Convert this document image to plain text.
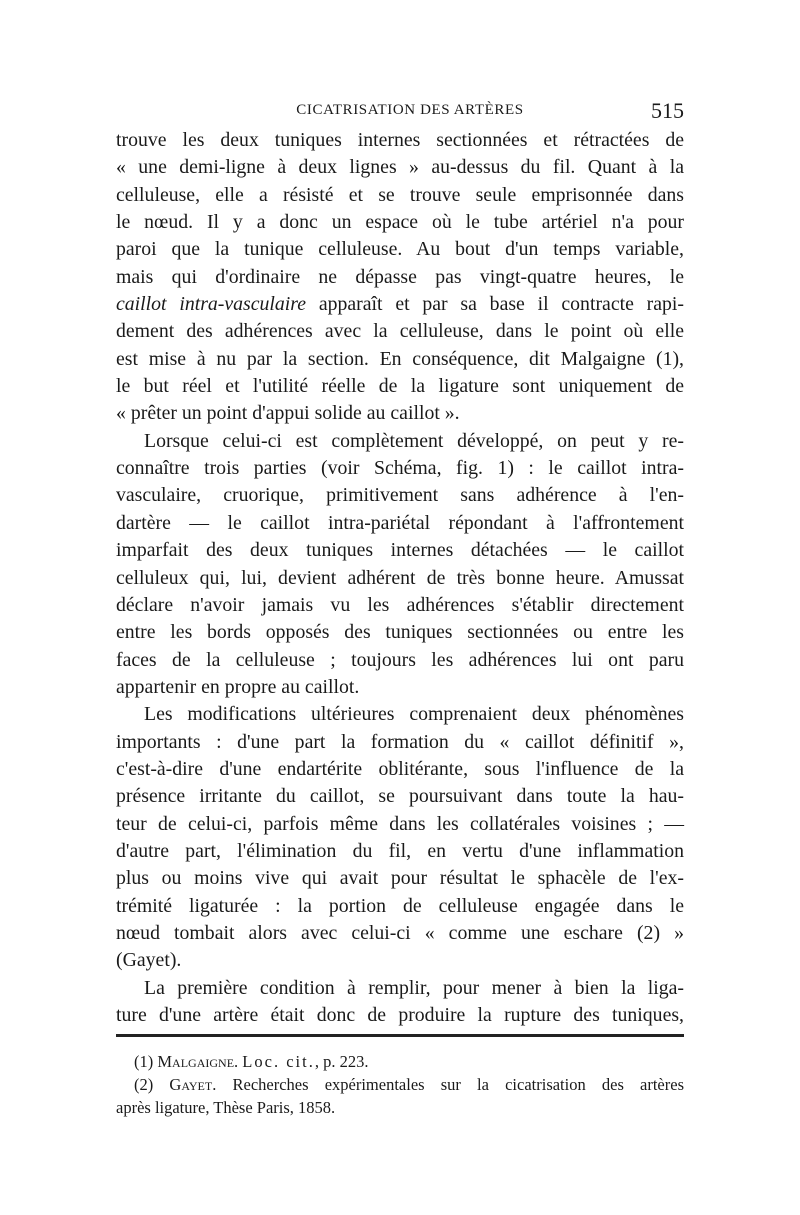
CICATRISATION DES ARTÈRES	515

trouve les deux tuniques internes sectionnées et rétractées de
« une demi-ligne à deux lignes » au-dessus du fil. Quant à la
celluleuse, elle a résisté et se trouve seule emprisonnée dans
le nœud. Il y a donc un espace où le tube artériel n'a pour
paroi que la tunique celluleuse. Au bout d'un temps variable,
mais qui d'ordinaire ne dépasse pas vingt-quatre heures, le
caillot intra-vasculaire apparaît et par sa base il contracte rapi-
dement des adhérences avec la celluleuse, dans le point où elle
est mise à nu par la section. En conséquence, dit Malgaigne (1),
le but réel et l'utilité réelle de la ligature sont uniquement de
« prêter un point d'appui solide au caillot ».

Lorsque celui-ci est complètement développé, on peut y re-
connaître trois parties (voir Schéma, fig. 1) : le caillot intra-
vasculaire, cruorique, primitivement sans adhérence à l'en-
dartère — le caillot intra-pariétal répondant à l'affrontement
imparfait des deux tuniques internes détachées — le caillot
celluleux qui, lui, devient adhérent de très bonne heure. Amussat
déclare n'avoir jamais vu les adhérences s'établir directement
entre les bords opposés des tuniques sectionnées ou entre les
faces de la celluleuse ; toujours les adhérences lui ont paru
appartenir en propre au caillot.

Les modifications ultérieures comprenaient deux phénomènes
importants : d'une part la formation du « caillot définitif »,
c'est-à-dire d'une endartérite oblitérante, sous l'influence de la
présence irritante du caillot, se poursuivant dans toute la hau-
teur de celui-ci, parfois même dans les collatérales voisines ; —
d'autre part, l'élimination du fil, en vertu d'une inflammation
plus ou moins vive qui avait pour résultat le sphacèle de l'ex-
trémité ligaturée : la portion de celluleuse engagée dans le
nœud tombait alors avec celui-ci « comme une eschare (2) »
(Gayet).

La première condition à remplir, pour mener à bien la liga-
ture d'une artère était donc de produire la rupture des tuniques,

(1) Malgaigne. Loc. cit., p. 223.
(2) Gayet. Recherches expérimentales sur la cicatrisation des artères
après ligature, Thèse Paris, 1858.
